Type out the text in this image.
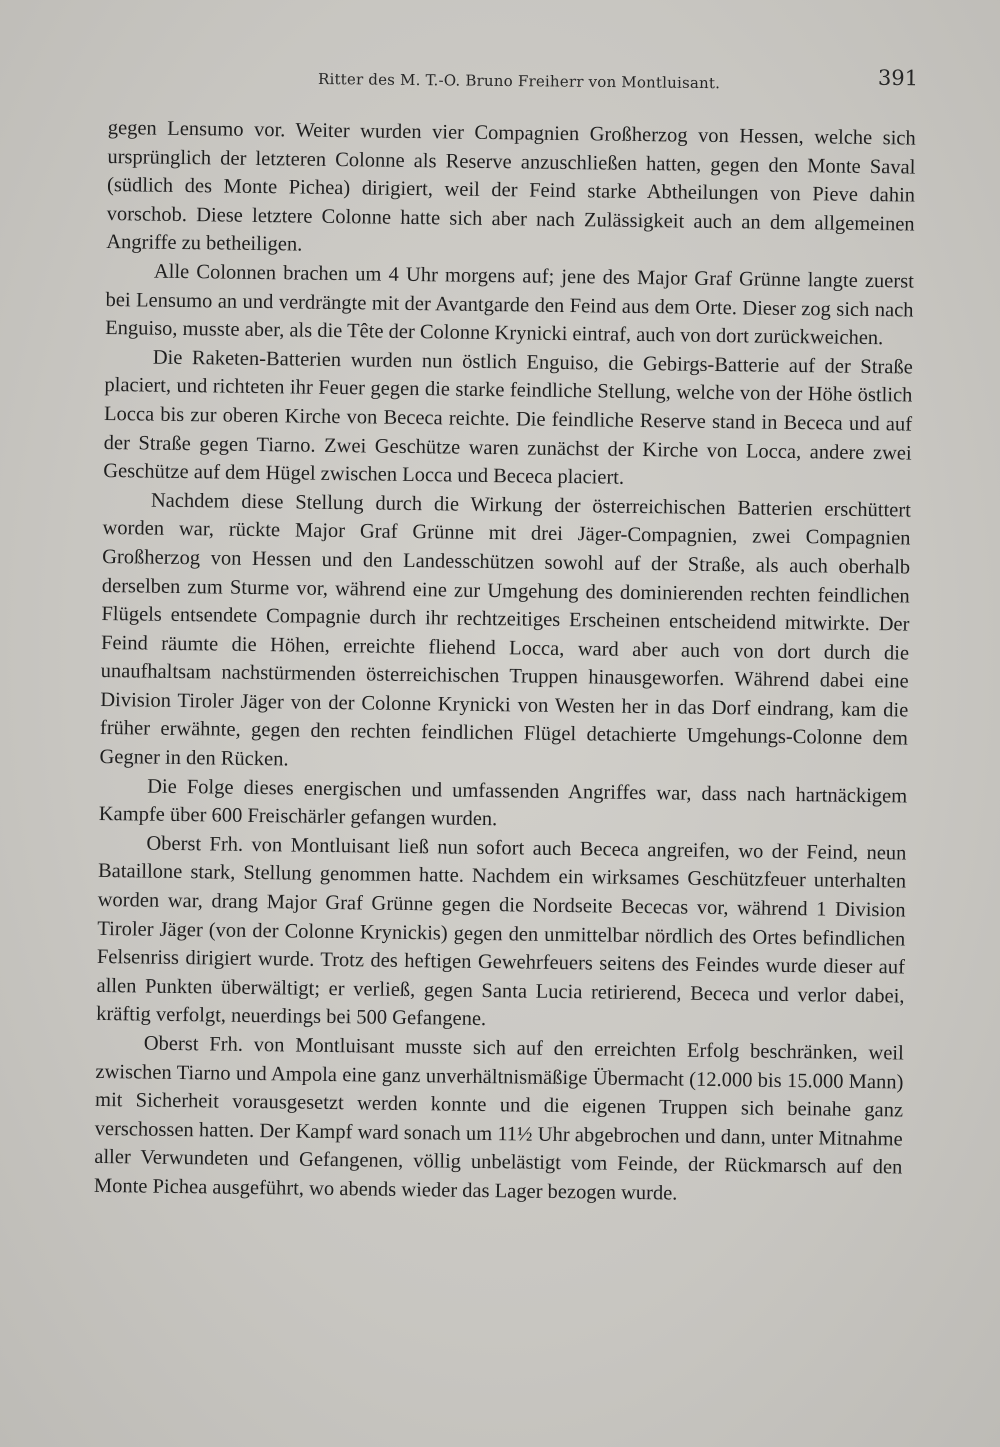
Ritter des M. T.-O. Bruno Freiherr von Montluisant.	391

gegen Lensumo vor. Weiter wurden vier Compagnien Großherzog von Hessen, welche sich ursprünglich der letzteren Colonne als Reserve anzuschließen hatten, gegen den Monte Saval (südlich des Monte Pichea) dirigiert, weil der Feind starke Abtheilungen von Pieve dahin vorschob. Diese letztere Colonne hatte sich aber nach Zulässigkeit auch an dem allgemeinen Angriffe zu betheiligen.

Alle Colonnen brachen um 4 Uhr morgens auf; jene des Major Graf Grünne langte zuerst bei Lensumo an und verdrängte mit der Avantgarde den Feind aus dem Orte. Dieser zog sich nach Enguiso, musste aber, als die Tête der Colonne Krynicki eintraf, auch von dort zurückweichen.

Die Raketen-Batterien wurden nun östlich Enguiso, die Gebirgs-Batterie auf der Straße placiert, und richteten ihr Feuer gegen die starke feindliche Stellung, welche von der Höhe östlich Locca bis zur oberen Kirche von Bececa reichte. Die feindliche Reserve stand in Bececa und auf der Straße gegen Tiarno. Zwei Geschütze waren zunächst der Kirche von Locca, andere zwei Geschütze auf dem Hügel zwischen Locca und Bececa placiert.

Nachdem diese Stellung durch die Wirkung der österreichischen Batterien erschüttert worden war, rückte Major Graf Grünne mit drei Jäger-Compagnien, zwei Compagnien Großherzog von Hessen und den Landesschützen sowohl auf der Straße, als auch oberhalb derselben zum Sturme vor, während eine zur Umgehung des dominierenden rechten feindlichen Flügels entsendete Compagnie durch ihr rechtzeitiges Erscheinen entscheidend mitwirkte. Der Feind räumte die Höhen, erreichte fliehend Locca, ward aber auch von dort durch die unaufhaltsam nachstürmenden österreichischen Truppen hinausgeworfen. Während dabei eine Division Tiroler Jäger von der Colonne Krynicki von Westen her in das Dorf eindrang, kam die früher erwähnte, gegen den rechten feindlichen Flügel detachierte Umgehungs-Colonne dem Gegner in den Rücken.

Die Folge dieses energischen und umfassenden Angriffes war, dass nach hartnäckigem Kampfe über 600 Freischärler gefangen wurden.

Oberst Frh. von Montluisant ließ nun sofort auch Bececa angreifen, wo der Feind, neun Bataillone stark, Stellung genommen hatte. Nachdem ein wirksames Geschützfeuer unterhalten worden war, drang Major Graf Grünne gegen die Nordseite Bececas vor, während 1 Division Tiroler Jäger (von der Colonne Krynickis) gegen den unmittelbar nördlich des Ortes befindlichen Felsenriss dirigiert wurde. Trotz des heftigen Gewehrfeuers seitens des Feindes wurde dieser auf allen Punkten überwältigt; er verließ, gegen Santa Lucia retirierend, Bececa und verlor dabei, kräftig verfolgt, neuerdings bei 500 Gefangene.

Oberst Frh. von Montluisant musste sich auf den erreichten Erfolg beschränken, weil zwischen Tiarno und Ampola eine ganz unverhältnismäßige Übermacht (12.000 bis 15.000 Mann) mit Sicherheit vorausgesetzt werden konnte und die eigenen Truppen sich beinahe ganz verschossen hatten. Der Kampf ward sonach um 11½ Uhr abgebrochen und dann, unter Mitnahme aller Verwundeten und Gefangenen, völlig unbelästigt vom Feinde, der Rückmarsch auf den Monte Pichea ausgeführt, wo abends wieder das Lager bezogen wurde.
